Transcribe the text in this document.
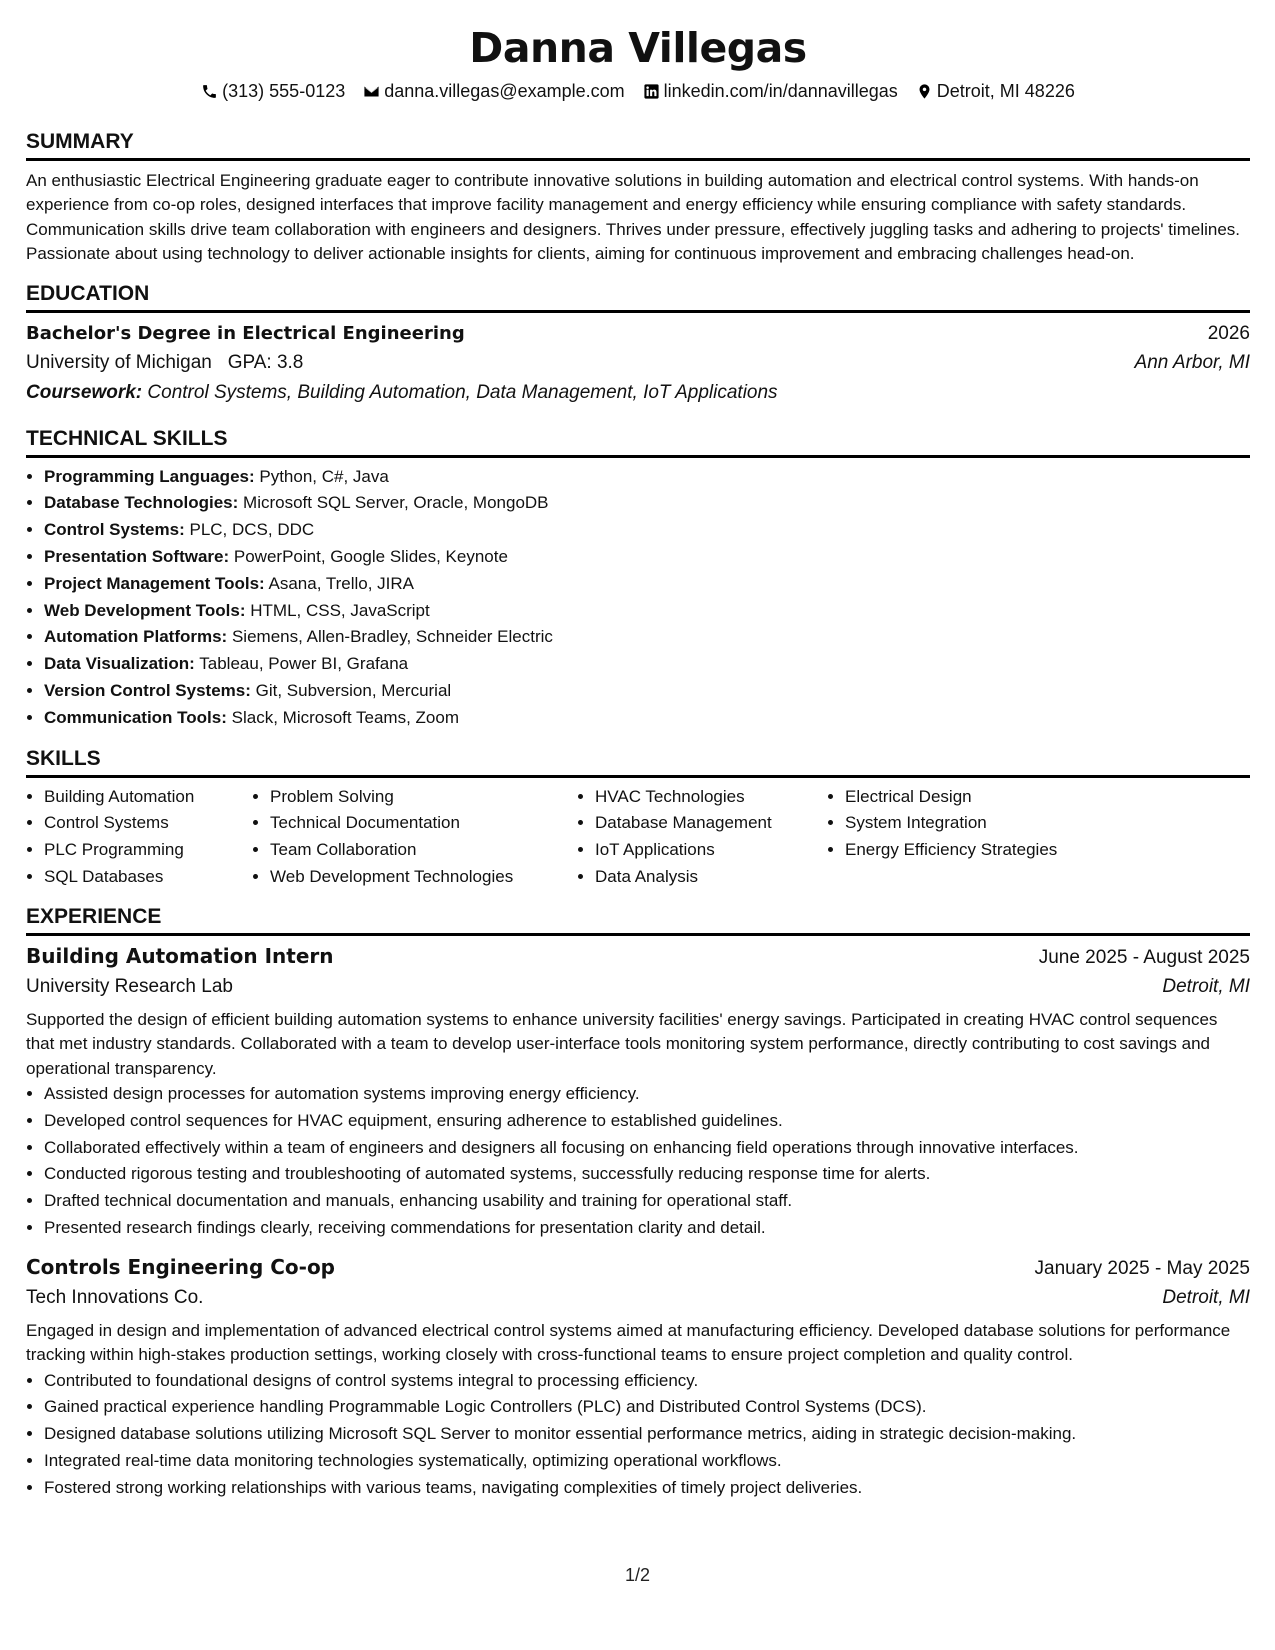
Danna Villegas
(313) 555-0123 danna.villegas@example.com linkedin.com/in/dannavillegas Detroit, MI 48226
SUMMARY

An enthusiastic Electrical Engineering graduate eager to contribute innovative solutions in building automation and electrical control systems. With hands-on experience from co-op roles, designed interfaces that improve facility management and energy efficiency while ensuring compliance with safety standards. Communication skills drive team collaboration with engineers and designers. Thrives under pressure, effectively juggling tasks and adhering to projects' timelines. Passionate about using technology to deliver actionable insights for clients, aiming for continuous improvement and embracing challenges head-on.

EDUCATION
Bachelor's Degree in Electrical Engineering	2026
University of Michigan GPA: 3.8	Ann Arbor, MI
Coursework: Control Systems, Building Automation, Data Management, IoT Applications
TECHNICAL SKILLS
• Programming Languages: Python, C#, Java
• Database Technologies: Microsoft SQL Server, Oracle, MongoDB
• Control Systems: PLC, DCS, DDC
• Presentation Software: PowerPoint, Google Slides, Keynote
• Project Management Tools: Asana, Trello, JIRA
• Web Development Tools: HTML, CSS, JavaScript
• Automation Platforms: Siemens, Allen-Bradley, Schneider Electric
• Data Visualization: Tableau, Power BI, Grafana
• Version Control Systems: Git, Subversion, Mercurial
• Communication Tools: Slack, Microsoft Teams, Zoom
SKILLS
• Building Automation
• Control Systems
• PLC Programming
• SQL Databases
• Problem Solving
• Technical Documentation
• Team Collaboration
• Web Development Technologies
• HVAC Technologies
• Database Management
• IoT Applications
• Data Analysis
• Electrical Design
• System Integration
• Energy Efficiency Strategies
EXPERIENCE
Building Automation Intern	June 2025 - August 2025
University Research Lab	Detroit, MI

Supported the design of efficient building automation systems to enhance university facilities' energy savings. Participated in creating HVAC control sequences that met industry standards. Collaborated with a team to develop user-interface tools monitoring system performance, directly contributing to cost savings and operational transparency.

• Assisted design processes for automation systems improving energy efficiency.
• Developed control sequences for HVAC equipment, ensuring adherence to established guidelines.
• Collaborated effectively within a team of engineers and designers all focusing on enhancing field operations through innovative interfaces.
• Conducted rigorous testing and troubleshooting of automated systems, successfully reducing response time for alerts.
• Drafted technical documentation and manuals, enhancing usability and training for operational staff.
• Presented research findings clearly, receiving commendations for presentation clarity and detail.
Controls Engineering Co-op	January 2025 - May 2025
Tech Innovations Co.	Detroit, MI

Engaged in design and implementation of advanced electrical control systems aimed at manufacturing efficiency. Developed database solutions for performance tracking within high-stakes production settings, working closely with cross-functional teams to ensure project completion and quality control.

• Contributed to foundational designs of control systems integral to processing efficiency.
• Gained practical experience handling Programmable Logic Controllers (PLC) and Distributed Control Systems (DCS).
• Designed database solutions utilizing Microsoft SQL Server to monitor essential performance metrics, aiding in strategic decision-making.
• Integrated real-time data monitoring technologies systematically, optimizing operational workflows.
• Fostered strong working relationships with various teams, navigating complexities of timely project deliveries.
1/2
